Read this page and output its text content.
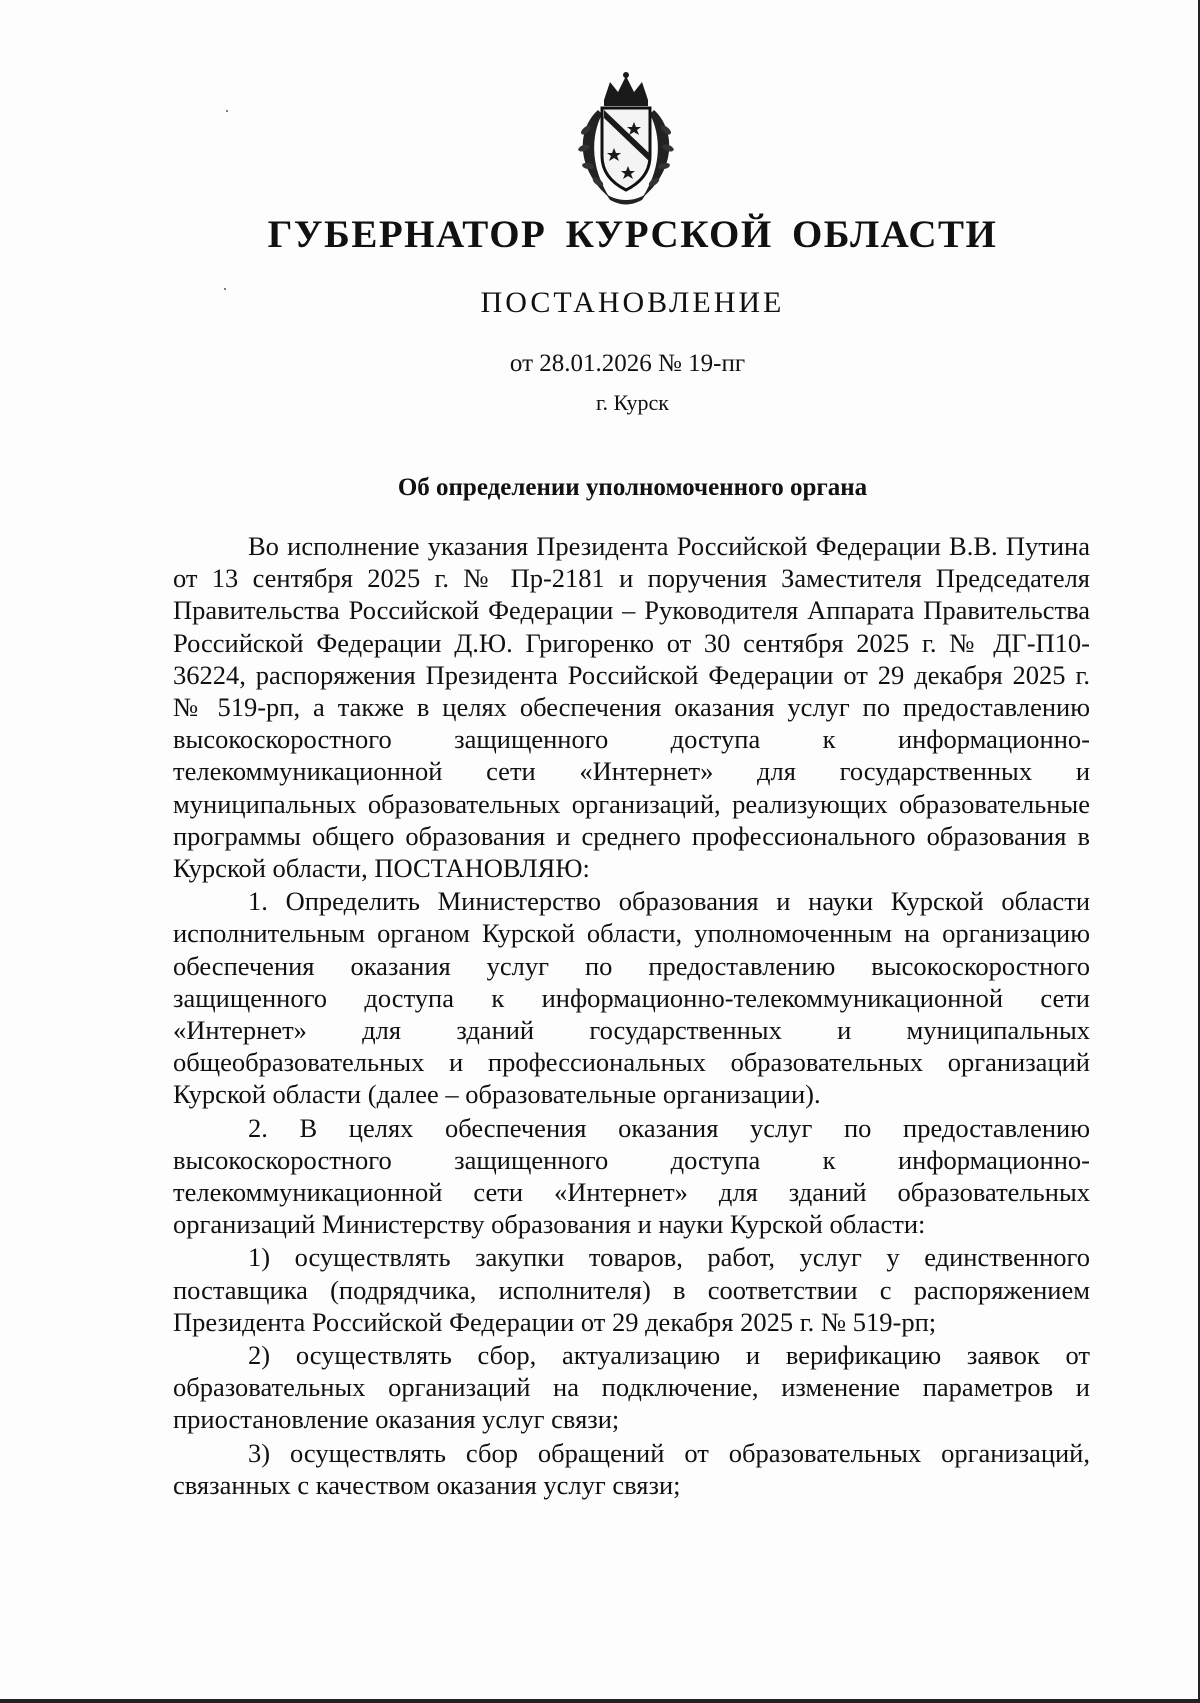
ГУБЕРНАТОР КУРСКОЙ ОБЛАСТИ
ПОСТАНОВЛЕНИЕ
от 28.01.2026 № 19-пг
г. Курск
Об определении уполномоченного органа

Во исполнение указания Президента Российской Федерации В.В. Путина от 13 сентября 2025 г. № Пр-2181 и поручения Заместителя Председателя Правительства Российской Федерации – Руководителя Аппарата Правительства Российской Федерации Д.Ю. Григоренко от 30 сентября 2025 г. № ДГ-П10-36224, распоряжения Президента Российской Федерации от 29 декабря 2025 г. № 519-рп, а также в целях обеспечения оказания услуг по предоставлению высокоскоростного защищенного доступа к информационно-телекоммуникационной сети «Интернет» для государственных и муниципальных образовательных организаций, реализующих образовательные программы общего образования и среднего профессионального образования в Курской области, ПОСТАНОВЛЯЮ:

1. Определить Министерство образования и науки Курской области исполнительным органом Курской области, уполномоченным на организацию обеспечения оказания услуг по предоставлению высокоскоростного защищенного доступа к информационно-телекоммуникационной сети «Интернет» для зданий государственных и муниципальных общеобразовательных и профессиональных образовательных организаций Курской области (далее – образовательные организации).

2. В целях обеспечения оказания услуг по предоставлению высокоскоростного защищенного доступа к информационно-телекоммуникационной сети «Интернет» для зданий образовательных организаций Министерству образования и науки Курской области:

1) осуществлять закупки товаров, работ, услуг у единственного поставщика (подрядчика, исполнителя) в соответствии с распоряжением Президента Российской Федерации от 29 декабря 2025 г. № 519-рп;

2) осуществлять сбор, актуализацию и верификацию заявок от образовательных организаций на подключение, изменение параметров и приостановление оказания услуг связи;

3) осуществлять сбор обращений от образовательных организаций, связанных с качеством оказания услуг связи;
